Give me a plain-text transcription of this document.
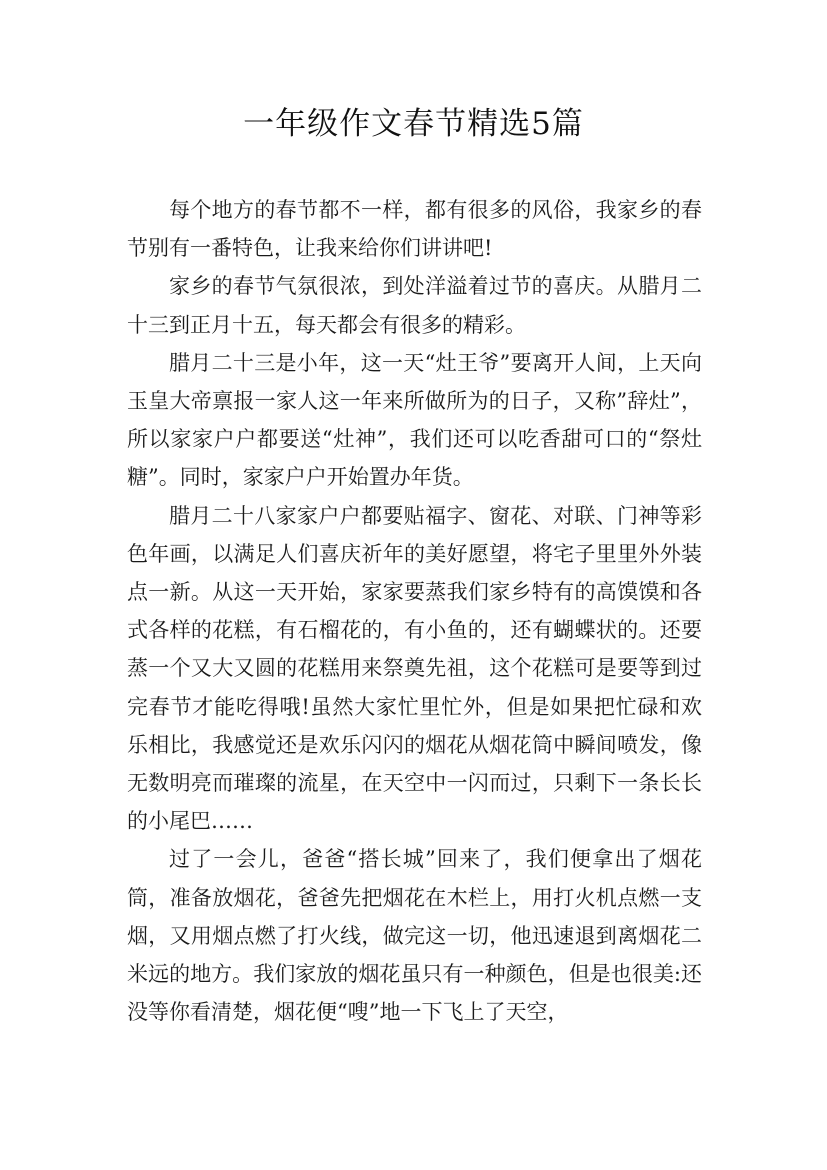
一年级作文春节精选5篇

每个地方的春节都不一样，都有很多的风俗，我家乡的春节别有一番特色，让我来给你们讲讲吧!

家乡的春节气氛很浓，到处洋溢着过节的喜庆。从腊月二十三到正月十五，每天都会有很多的精彩。

腊月二十三是小年，这一天“灶王爷”要离开人间，上天向玉皇大帝禀报一家人这一年来所做所为的日子，又称”辞灶”，所以家家户户都要送“灶神”，我们还可以吃香甜可口的“祭灶糖”。同时，家家户户开始置办年货。

腊月二十八家家户户都要贴福字、窗花、对联、门神等彩色年画，以满足人们喜庆祈年的美好愿望，将宅子里里外外装点一新。从这一天开始，家家要蒸我们家乡特有的高馍馍和各式各样的花糕，有石榴花的，有小鱼的，还有蝴蝶状的。还要蒸一个又大又圆的花糕用来祭奠先祖，这个花糕可是要等到过完春节才能吃得哦!虽然大家忙里忙外，但是如果把忙碌和欢乐相比，我感觉还是欢乐闪闪的烟花从烟花筒中瞬间喷发，像无数明亮而璀璨的流星，在天空中一闪而过，只剩下一条长长的小尾巴……

过了一会儿，爸爸“搭长城”回来了，我们便拿出了烟花筒，准备放烟花，爸爸先把烟花在木栏上，用打火机点燃一支烟，又用烟点燃了打火线，做完这一切，他迅速退到离烟花二米远的地方。我们家放的烟花虽只有一种颜色，但是也很美:还没等你看清楚，烟花便“嗖”地一下飞上了天空，
